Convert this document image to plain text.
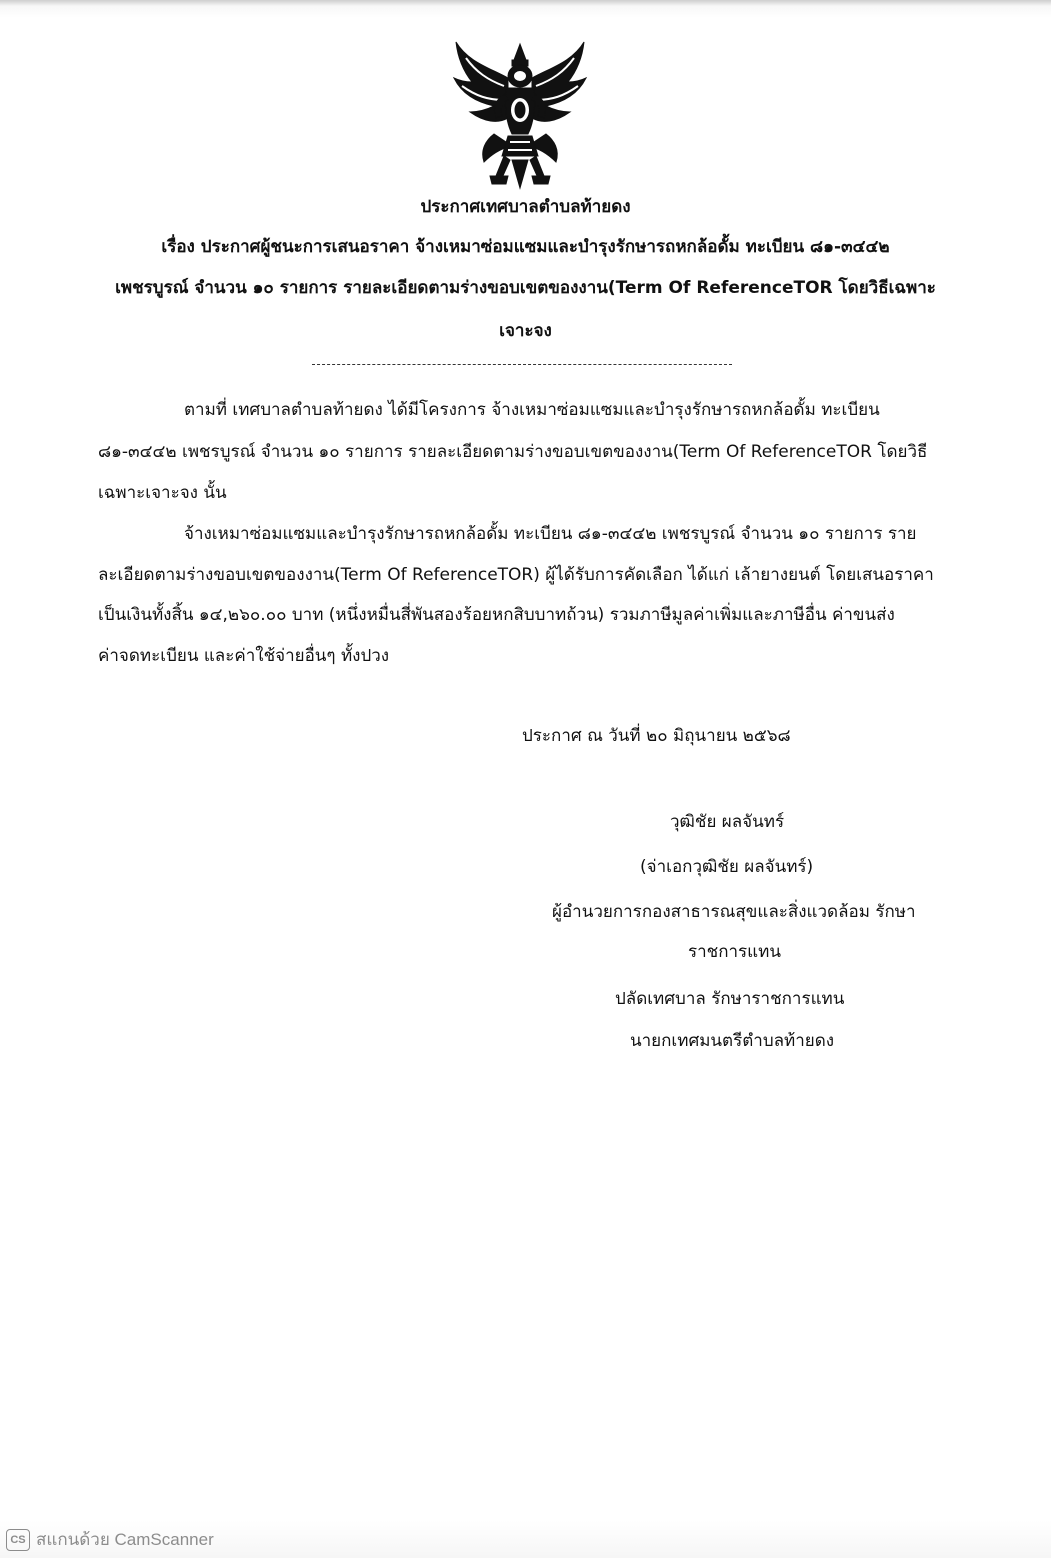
ประกาศเทศบาลตำบลท้ายดง
เรื่อง ประกาศผู้ชนะการเสนอราคา จ้างเหมาซ่อมแซมและบำรุงรักษารถหกล้อดั้ม ทะเบียน ๘๑-๓๔๔๒
เพชรบูรณ์ จำนวน ๑๐ รายการ รายละเอียดตามร่างขอบเขตของงาน(Term Of ReferenceTOR โดยวิธีเฉพาะ
เจาะจง
ตามที่ เทศบาลตำบลท้ายดง ได้มีโครงการ จ้างเหมาซ่อมแซมและบำรุงรักษารถหกล้อดั้ม ทะเบียน
๘๑-๓๔๔๒ เพชรบูรณ์ จำนวน ๑๐ รายการ รายละเอียดตามร่างขอบเขตของงาน(Term Of ReferenceTOR โดยวิธี
เฉพาะเจาะจง นั้น
จ้างเหมาซ่อมแซมและบำรุงรักษารถหกล้อดั้ม ทะเบียน ๘๑-๓๔๔๒ เพชรบูรณ์ จำนวน ๑๐ รายการ ราย
ละเอียดตามร่างขอบเขตของงาน(Term Of ReferenceTOR) ผู้ได้รับการคัดเลือก ได้แก่ เล้ายางยนต์ โดยเสนอราคา
เป็นเงินทั้งสิ้น ๑๔,๒๖๐.๐๐ บาท (หนึ่งหมื่นสี่พันสองร้อยหกสิบบาทถ้วน) รวมภาษีมูลค่าเพิ่มและภาษีอื่น ค่าขนส่ง
ค่าจดทะเบียน และค่าใช้จ่ายอื่นๆ ทั้งปวง
ประกาศ ณ วันที่ ๒๐ มิถุนายน ๒๕๖๘
วุฒิชัย ผลจันทร์
(จ่าเอกวุฒิชัย ผลจันทร์)
ผู้อำนวยการกองสาธารณสุขและสิ่งแวดล้อม รักษา
ราชการแทน
ปลัดเทศบาล รักษาราชการแทน
นายกเทศมนตรีตำบลท้ายดง
CS สแกนด้วย CamScanner
